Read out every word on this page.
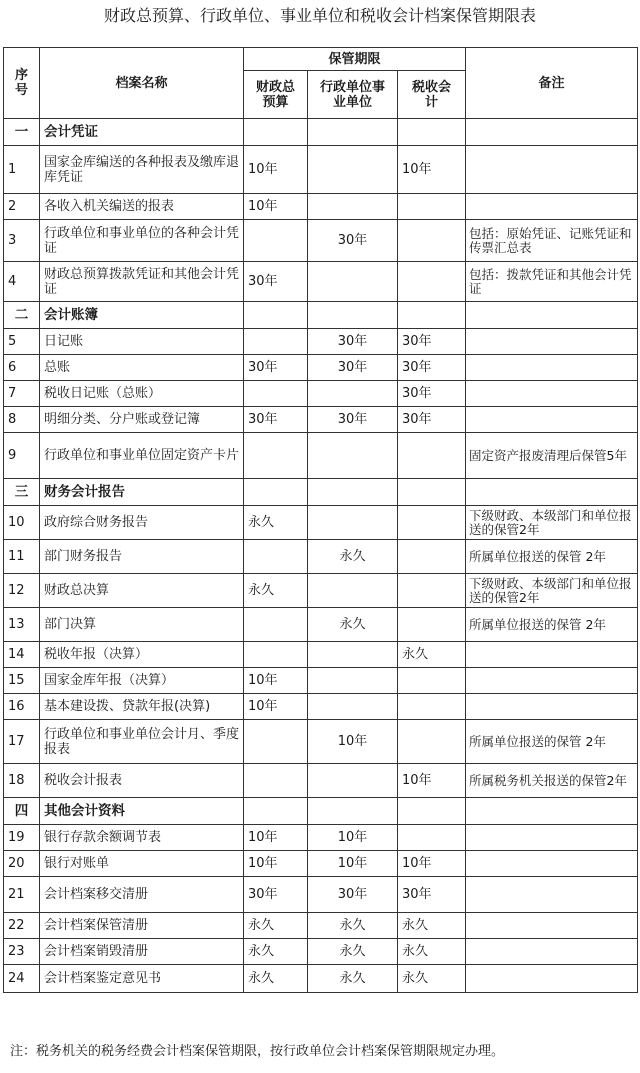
财政总预算、行政单位、事业单位和税收会计档案保管期限表
序号	档案名称	保管期限			备注
		财政总预算	行政单位事业单位	税收会计	
一	会计凭证				
1	国家金库编送的各种报表及缴库退库凭证	10年		10年	
2	各收入机关编送的报表	10年			
3	行政单位和事业单位的各种会计凭证		30年		包括：原始凭证、记账凭证和传票汇总表
4	财政总预算拨款凭证和其他会计凭证	30年			包括：拨款凭证和其他会计凭证
二	会计账簿				
5	日记账		30年	30年	
6	总账	30年	30年	30年	
7	税收日记账（总账）			30年	
8	明细分类、分户账或登记簿	30年	30年	30年	
9	行政单位和事业单位固定资产卡片				固定资产报废清理后保管5年
三	财务会计报告				
10	政府综合财务报告	永久			下级财政、本级部门和单位报送的保管2年
11	部门财务报告		永久		所属单位报送的保管 2年
12	财政总决算	永久			下级财政、本级部门和单位报送的保管2年
13	部门决算		永久		所属单位报送的保管 2年
14	税收年报（决算）			永久	
15	国家金库年报（决算）	10年			
16	基本建设拨、贷款年报(决算)	10年			
17	行政单位和事业单位会计月、季度报表		10年		所属单位报送的保管 2年
18	税收会计报表			10年	所属税务机关报送的保管2年
四	其他会计资料				
19	银行存款余额调节表	10年	10年		
20	银行对账单	10年	10年	10年	
21	会计档案移交清册	30年	30年	30年	
22	会计档案保管清册	永久	永久	永久	
23	会计档案销毁清册	永久	永久	永久	
24	会计档案鉴定意见书	永久	永久	永久	
注：税务机关的税务经费会计档案保管期限，按行政单位会计档案保管期限规定办理。
